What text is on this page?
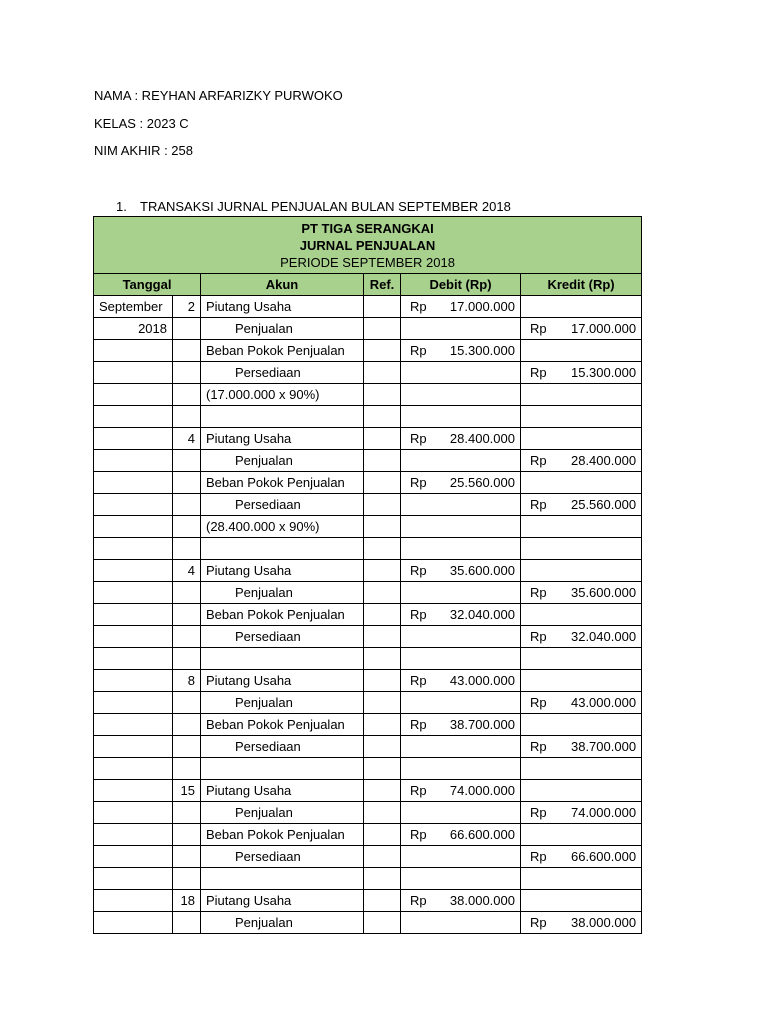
NAMA : REYHAN ARFARIZKY PURWOKO
KELAS : 2023 C
NIM AKHIR : 258
1. TRANSAKSI JURNAL PENJUALAN BULAN SEPTEMBER 2018
PT TIGA SERANGKAI
JURNAL PENJUALAN
PERIODE SEPTEMBER 2018					

Tanggal		Akun	Ref.	Debit (Rp)	Kredit (Rp)
September	2	Piutang Usaha		Rp 17.000.000	

2018		Penjualan			Rp 17.000.000

		Beban Pokok Penjualan		Rp 15.300.000	

		Persediaan			Rp 15.300.000

		(17.000.000 x 90%)			

	4	Piutang Usaha		Rp 28.400.000	

		Penjualan			Rp 28.400.000

		Beban Pokok Penjualan		Rp 25.560.000	

		Persediaan			Rp 25.560.000

		(28.400.000 x 90%)			

	4	Piutang Usaha		Rp 35.600.000	

		Penjualan			Rp 35.600.000

		Beban Pokok Penjualan		Rp 32.040.000	

		Persediaan			Rp 32.040.000

	8	Piutang Usaha		Rp 43.000.000	

		Penjualan			Rp 43.000.000

		Beban Pokok Penjualan		Rp 38.700.000	

		Persediaan			Rp 38.700.000

	15	Piutang Usaha		Rp 74.000.000	

		Penjualan			Rp 74.000.000

		Beban Pokok Penjualan		Rp 66.600.000	

		Persediaan			Rp 66.600.000

	18	Piutang Usaha		Rp 38.000.000	

		Penjualan			Rp 38.000.000
